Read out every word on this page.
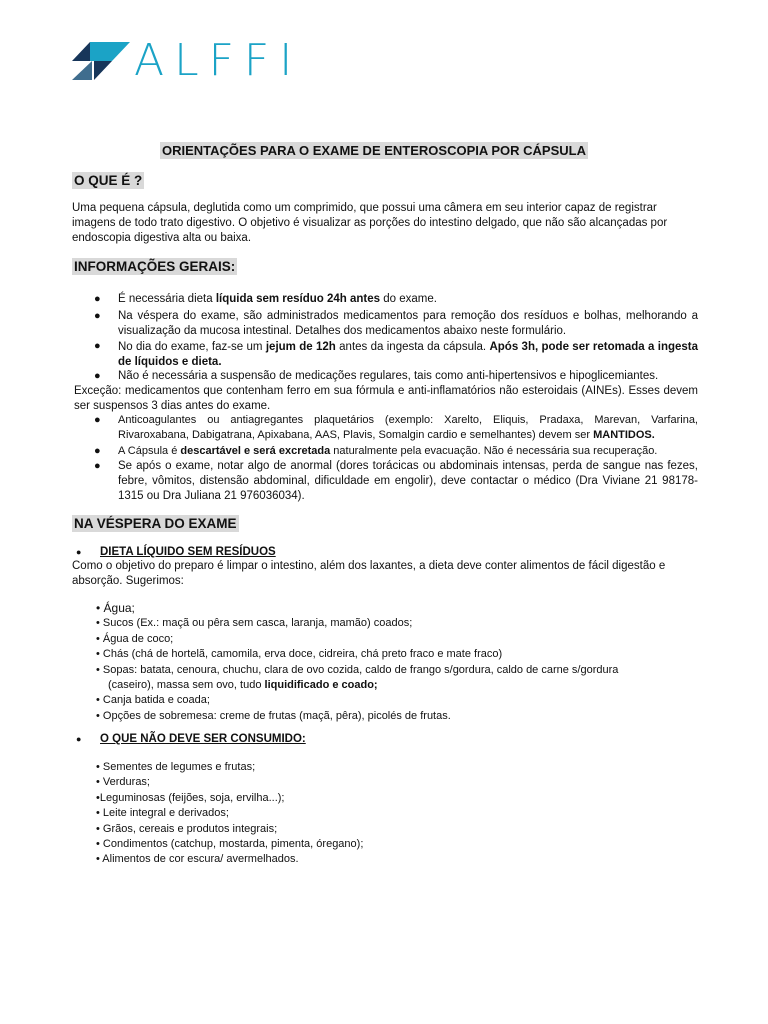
ALFFI
ORIENTAÇÕES PARA O EXAME DE ENTEROSCOPIA POR CÁPSULA
O QUE É ?

Uma pequena cápsula, deglutida como um comprimido, que possui uma câmera em seu interior capaz de registrar imagens de todo trato digestivo. O objetivo é visualizar as porções do intestino delgado, que não são alcançadas por endoscopia digestiva alta ou baixa.

INFORMAÇÕES GERAIS:
● É necessária dieta líquida sem resíduo 24h antes do exame.

● Na véspera do exame, são administrados medicamentos para remoção dos resíduos e bolhas, melhorando a visualização da mucosa intestinal. Detalhes dos medicamentos abaixo neste formulário.

● No dia do exame, faz-se um jejum de 12h antes da ingesta da cápsula. Após 3h, pode ser retomada a ingesta de líquidos e dieta.

● Não é necessária a suspensão de medicações regulares, tais como anti-hipertensivos e hipoglicemiantes.

Exceção: medicamentos que contenham ferro em sua fórmula e anti-inflamatórios não esteroidais (AINEs). Esses devem ser suspensos 3 dias antes do exame.

● Anticoagulantes ou antiagregantes plaquetários (exemplo: Xarelto, Eliquis, Pradaxa, Marevan, Varfarina, Rivaroxabana, Dabigatrana, Apixabana, AAS, Plavis, Somalgin cardio e semelhantes) devem ser MANTIDOS.

● A Cápsula é descartável e será excretada naturalmente pela evacuação. Não é necessária sua recuperação.

● Se após o exame, notar algo de anormal (dores torácicas ou abdominais intensas, perda de sangue nas fezes, febre, vômitos, distensão abdominal, dificuldade em engolir), deve contactar o médico (Dra Viviane 21 98178-1315 ou Dra Juliana 21 976036034).

NA VÉSPERA DO EXAME
● DIETA LÍQUIDO SEM RESÍDUOS

Como o objetivo do preparo é limpar o intestino, além dos laxantes, a dieta deve conter alimentos de fácil digestão e absorção. Sugerimos:

• Água;
• Sucos (Ex.: maçã ou pêra sem casca, laranja, mamão) coados;
• Água de coco;
• Chás (chá de hortelã, camomila, erva doce, cidreira, chá preto fraco e mate fraco)
• Sopas: batata, cenoura, chuchu, clara de ovo cozida, caldo de frango s/gordura, caldo de carne s/gordura
(caseiro), massa sem ovo, tudo liquidificado e coado;
• Canja batida e coada;
• Opções de sobremesa: creme de frutas (maçã, pêra), picolés de frutas.
● O QUE NÃO DEVE SER CONSUMIDO:
• Sementes de legumes e frutas;
• Verduras;
•Leguminosas (feijões, soja, ervilha...);
• Leite integral e derivados;
• Grãos, cereais e produtos integrais;
• Condimentos (catchup, mostarda, pimenta, óregano);
• Alimentos de cor escura/ avermelhados.
